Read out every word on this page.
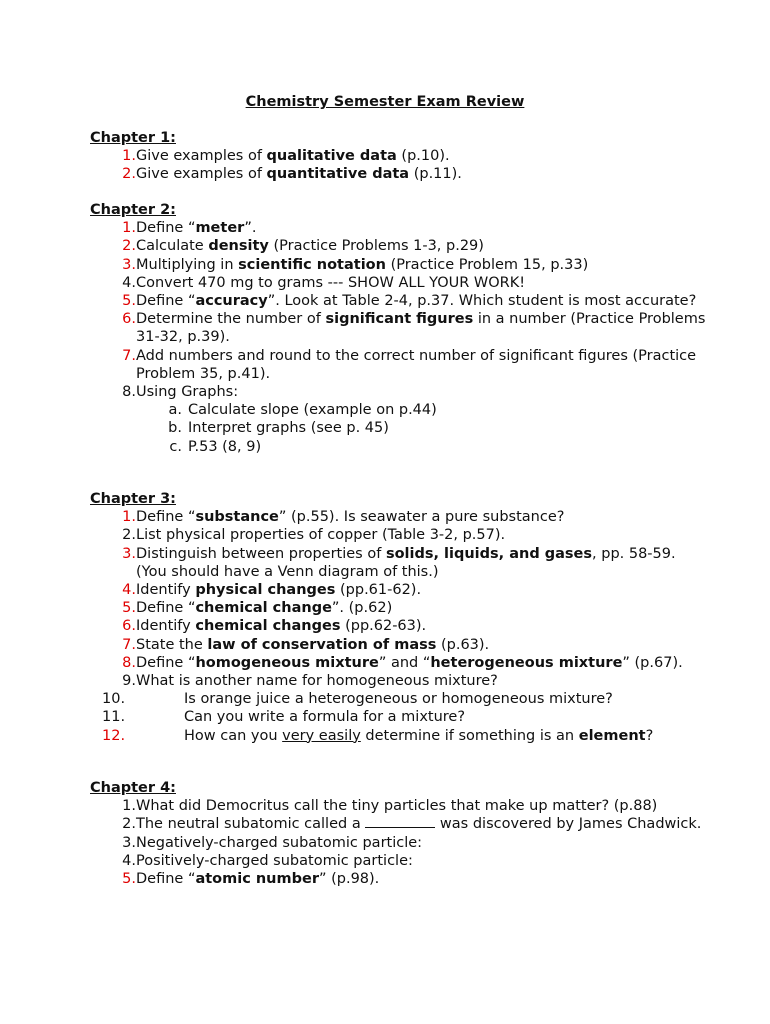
Chemistry Semester Exam Review
Chapter 1:
1. Give examples of qualitative data (p.10).
2. Give examples of quantitative data (p.11).
Chapter 2:
1. Define “meter”.
2. Calculate density (Practice Problems 1-3, p.29)
3. Multiplying in scientific notation (Practice Problem 15, p.33)
4. Convert 470 mg to grams --- SHOW ALL YOUR WORK!
5. Define “accuracy”. Look at Table 2-4, p.37. Which student is most accurate?
6. Determine the number of significant figures in a number (Practice Problems 31-32, p.39).
7. Add numbers and round to the correct number of significant figures (Practice Problem 35, p.41).
8. Using Graphs:
a. Calculate slope (example on p.44)
b. Interpret graphs (see p. 45)
c. P.53 (8, 9)
Chapter 3:
1. Define “substance” (p.55). Is seawater a pure substance?
2. List physical properties of copper (Table 3-2, p.57).
3. Distinguish between properties of solids, liquids, and gases, pp. 58-59. (You should have a Venn diagram of this.)
4. Identify physical changes (pp.61-62).
5. Define “chemical change”. (p.62)
6. Identify chemical changes (pp.62-63).
7. State the law of conservation of mass (p.63).
8. Define “homogeneous mixture” and “heterogeneous mixture” (p.67).
9. What is another name for homogeneous mixture?
10.	Is orange juice a heterogeneous or homogeneous mixture?
11.	Can you write a formula for a mixture?
12.	How can you very easily determine if something is an element?
Chapter 4:
1. What did Democritus call the tiny particles that make up matter? (p.88)
2. The neutral subatomic called a	was discovered by James Chadwick.
3. Negatively-charged subatomic particle:
4. Positively-charged subatomic particle:
5. Define “atomic number” (p.98).
